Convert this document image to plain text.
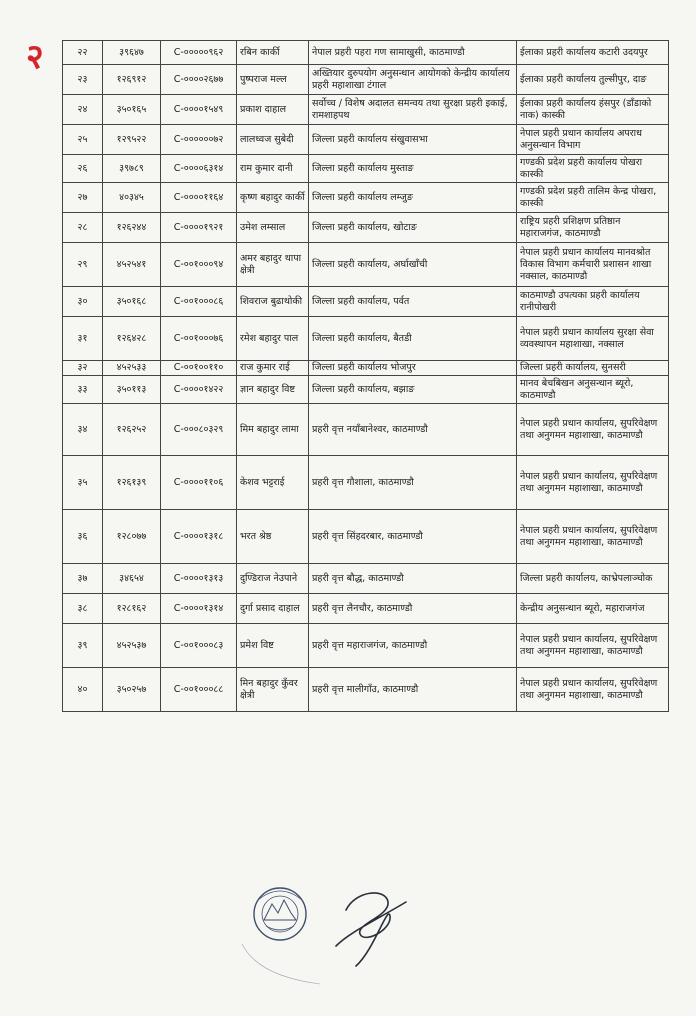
२	२२	३९६४७	C-०००००९६२	रबिन कार्की	नेपाल प्रहरी पहरा गण सामाखुसी, काठमाण्डौ	ईलाका प्रहरी कार्यालय कटारी उदयपुर
२३	१२६९१२	C-००००२६७७	पुष्पराज मल्ल	अख्तियार दुरुपयोग अनुसन्धान आयोगको केन्द्रीय कार्यालय प्रहरी महाशाखा टंगाल	ईलाका प्रहरी कार्यालय तुल्सीपुर, दाङ
२४	३५०१६५	C-००००१५४९	प्रकाश दाहाल	सर्वोच्च / विशेष अदालत समन्वय तथा सुरक्षा प्रहरी इकाई, रामशाहपथ	ईलाका प्रहरी कार्यालय हंसपुर (डाँडाको नाक) कास्की
२५	१२९५२२	C-००००००७२	लालध्वज सुबेदी	जिल्ला प्रहरी कार्यालय संखुवासभा	नेपाल प्रहरी प्रधान कार्यालय अपराध अनुसन्धान विभाग
२६	३९७८९	C-००००६३१४	राम कुमार दानी	जिल्ला प्रहरी कार्यालय मुस्ताङ	गण्डकी प्रदेश प्रहरी कार्यालय पोखरा कास्की
२७	४०३४५	C-००००११६४	कृष्ण बहादुर कार्की	जिल्ला प्रहरी कार्यालय लम्जुङ	गण्डकी प्रदेश प्रहरी तालिम केन्द्र पोखरा, कास्की
२८	१२६२४४	C-००००१९२१	उमेश लम्साल	जिल्ला प्रहरी कार्यालय, खोटाङ	राष्ट्रिय प्रहरी प्रशिक्षण प्रतिष्ठान महाराजगंज, काठमाण्डौ
२९	४५२५४१	C-००१०००९४	अमर बहादुर थापा क्षेत्री	जिल्ला प्रहरी कार्यालय, अर्घाखाँची	नेपाल प्रहरी प्रधान कार्यालय मानवश्रोत विकास विभाग कर्मचारी प्रशासन शाखा नक्साल, काठमाण्डौ
३०	३५०१६८	C-००१०००८६	शिवराज बुढाथोकी	जिल्ला प्रहरी कार्यालय, पर्वत	काठमाण्डौ उपत्यका प्रहरी कार्यालय रानीपोखरी
३१	१२६४२८	C-००१०००७६	रमेश बहादुर पाल	जिल्ला प्रहरी कार्यालय, बैतडी	नेपाल प्रहरी प्रधान कार्यालय सुरक्षा सेवा व्यवस्थापन महाशाखा, नक्साल
३२	४५२५३३	C-००१००११०	राज कुमार राई	जिल्ला प्रहरी कार्यालय भोजपुर	जिल्ला प्रहरी कार्यालय, सुनसरी
३३	३५०११३	C-००००१४२२	ज्ञान बहादुर विष्ट	जिल्ला प्रहरी कार्यालय, बझाङ	मानव बेचबिखन अनुसन्धान ब्यूरो, काठमाण्डौ
३४	१२६२५२	C-०००८०३२९	मिम बहादुर लामा	प्रहरी वृत्त नयाँबानेश्वर, काठमाण्डौ	नेपाल प्रहरी प्रधान कार्यालय, सुपरिवेक्षण तथा अनुगमन महाशाखा, काठमाण्डौ
३५	१२६१३९	C-००००११०६	केशव भट्टराई	प्रहरी वृत्त गौशाला, काठमाण्डौ	नेपाल प्रहरी प्रधान कार्यालय, सुपरिवेक्षण तथा अनुगमन महाशाखा, काठमाण्डौ
३६	१२८०७७	C-००००१३१८	भरत श्रेष्ठ	प्रहरी वृत्त सिंहदरबार, काठमाण्डौ	नेपाल प्रहरी प्रधान कार्यालय, सुपरिवेक्षण तथा अनुगमन महाशाखा, काठमाण्डौ
३७	३४६५४	C-००००१३१३	दुण्डिराज नेउपाने	प्रहरी वृत्त बौद्ध, काठमाण्डौ	जिल्ला प्रहरी कार्यालय, काभ्रेपलाञ्चोक
३८	१२८१६२	C-००००१३१४	दुर्गा प्रसाद दाहाल	प्रहरी वृत्त लैनचौर, काठमाण्डौ	केन्द्रीय अनुसन्धान ब्यूरो, महाराजगंज
३९	४५२५३७	C-००१०००८३	प्रमेश विष्ट	प्रहरी वृत्त महाराजगंज, काठमाण्डौ	नेपाल प्रहरी प्रधान कार्यालय, सुपरिवेक्षण तथा अनुगमन महाशाखा, काठमाण्डौ
४०	३५०२५७	C-००१०००८८	मिन बहादुर कुँवर क्षेत्री	प्रहरी वृत्त मालीगाँउ, काठमाण्डौ	नेपाल प्रहरी प्रधान कार्यालय, सुपरिवेक्षण तथा अनुगमन महाशाखा, काठमाण्डौ
